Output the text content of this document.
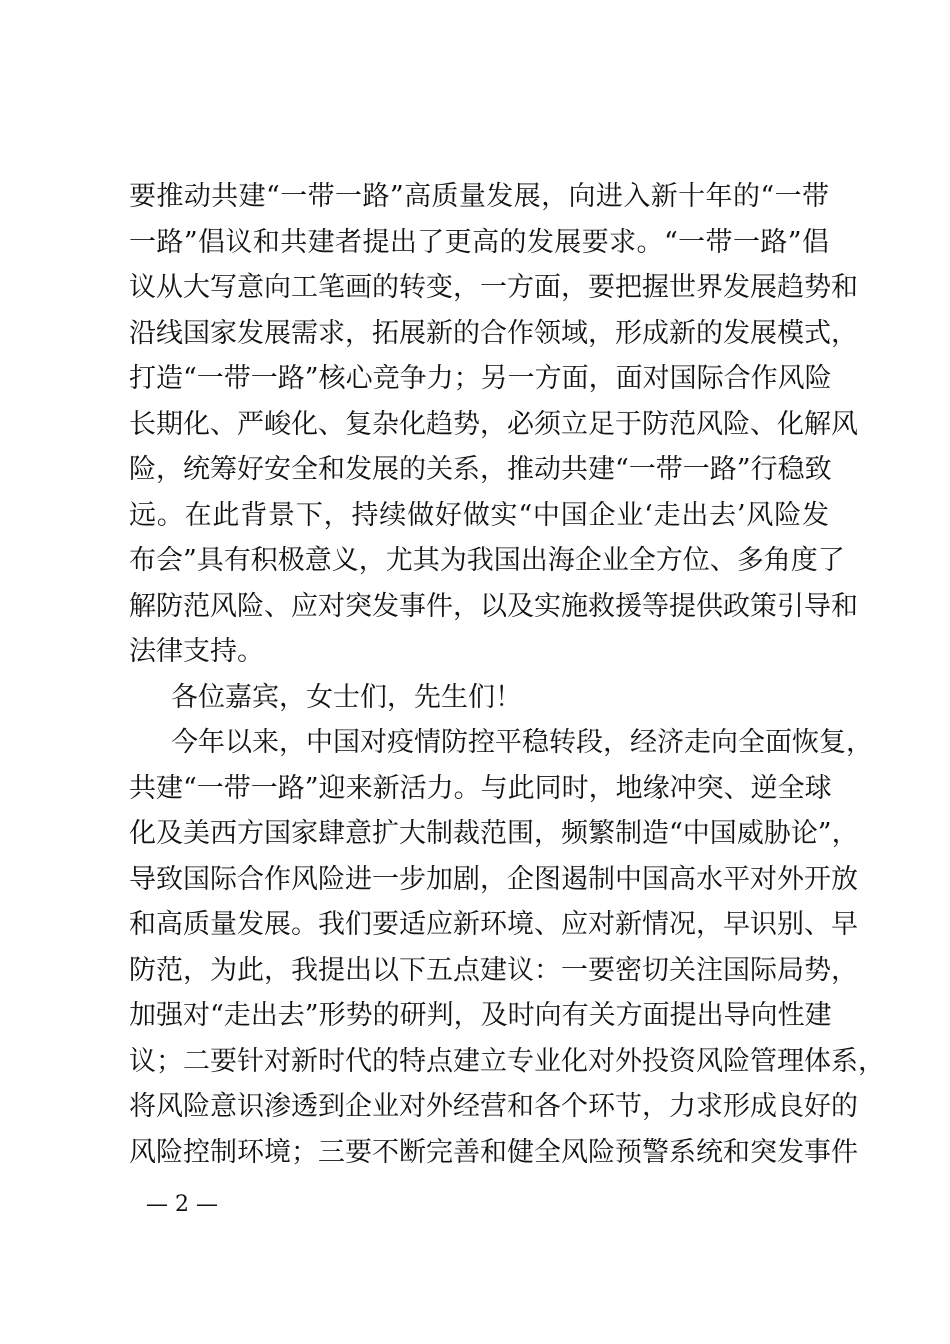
要推动共建“一带一路”高质量发展，向进入新十年的“一带
一路”倡议和共建者提出了更高的发展要求。“一带一路”倡
议从大写意向工笔画的转变，一方面，要把握世界发展趋势和
沿线国家发展需求，拓展新的合作领域，形成新的发展模式，
打造“一带一路”核心竞争力；另一方面，面对国际合作风险
长期化、严峻化、复杂化趋势，必须立足于防范风险、化解风
险，统筹好安全和发展的关系，推动共建“一带一路”行稳致
远。在此背景下，持续做好做实“中国企业‘走出去’风险发
布会”具有积极意义，尤其为我国出海企业全方位、多角度了
解防范风险、应对突发事件，以及实施救援等提供政策引导和
法律支持。
各位嘉宾，女士们，先生们！
今年以来，中国对疫情防控平稳转段，经济走向全面恢复，
共建“一带一路”迎来新活力。与此同时，地缘冲突、逆全球
化及美西方国家肆意扩大制裁范围，频繁制造“中国威胁论”，
导致国际合作风险进一步加剧，企图遏制中国高水平对外开放
和高质量发展。我们要适应新环境、应对新情况，早识别、早
防范，为此，我提出以下五点建议：一要密切关注国际局势，
加强对“走出去”形势的研判，及时向有关方面提出导向性建
议；二要针对新时代的特点建立专业化对外投资风险管理体系，
将风险意识渗透到企业对外经营和各个环节，力求形成良好的
风险控制环境；三要不断完善和健全风险预警系统和突发事件
— 2 —
